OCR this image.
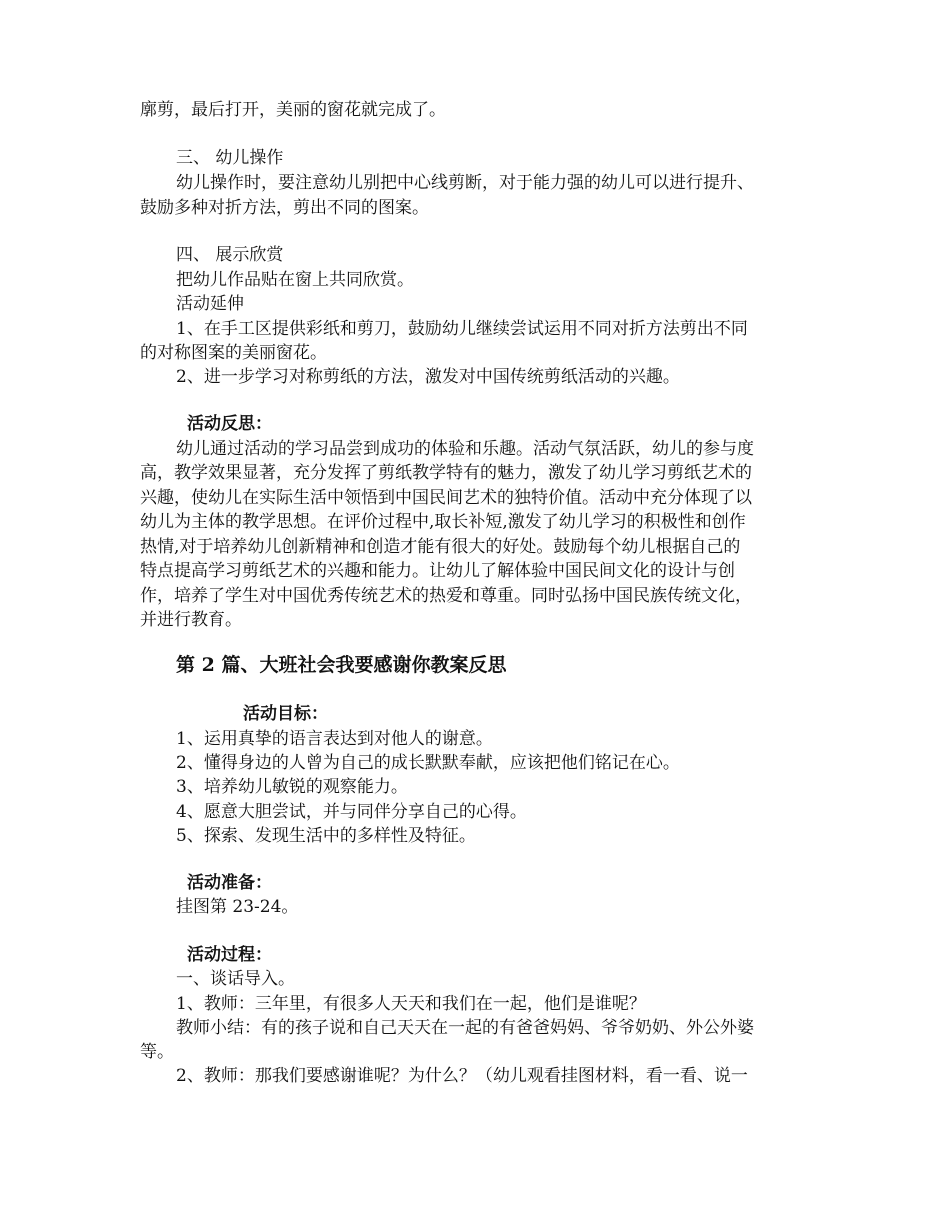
廓剪，最后打开，美丽的窗花就完成了。
三、 幼儿操作
幼儿操作时，要注意幼儿别把中心线剪断，对于能力强的幼儿可以进行提升、
鼓励多种对折方法，剪出不同的图案。
四、 展示欣赏
把幼儿作品贴在窗上共同欣赏。
活动延伸
1、在手工区提供彩纸和剪刀，鼓励幼儿继续尝试运用不同对折方法剪出不同
的对称图案的美丽窗花。
2、进一步学习对称剪纸的方法，激发对中国传统剪纸活动的兴趣。
活动反思：
幼儿通过活动的学习品尝到成功的体验和乐趣。活动气氛活跃，幼儿的参与度
高，教学效果显著，充分发挥了剪纸教学特有的魅力，激发了幼儿学习剪纸艺术的
兴趣，使幼儿在实际生活中领悟到中国民间艺术的独特价值。活动中充分体现了以
幼儿为主体的教学思想。在评价过程中,取长补短,激发了幼儿学习的积极性和创作
热情,对于培养幼儿创新精神和创造才能有很大的好处。鼓励每个幼儿根据自己的
特点提高学习剪纸艺术的兴趣和能力。让幼儿了解体验中国民间文化的设计与创
作，培养了学生对中国优秀传统艺术的热爱和尊重。同时弘扬中国民族传统文化，
并进行教育。
第 2 篇、大班社会我要感谢你教案反思
活动目标：
1、运用真挚的语言表达到对他人的谢意。
2、懂得身边的人曾为自己的成长默默奉献，应该把他们铭记在心。
3、培养幼儿敏锐的观察能力。
4、愿意大胆尝试，并与同伴分享自己的心得。
5、探索、发现生活中的多样性及特征。
活动准备：
挂图第 23-24。
活动过程：
一、谈话导入。
1、教师：三年里，有很多人天天和我们在一起，他们是谁呢？
教师小结：有的孩子说和自己天天在一起的有爸爸妈妈、爷爷奶奶、外公外婆
等。
2、教师：那我们要感谢谁呢？为什么？（幼儿观看挂图材料，看一看、说一
